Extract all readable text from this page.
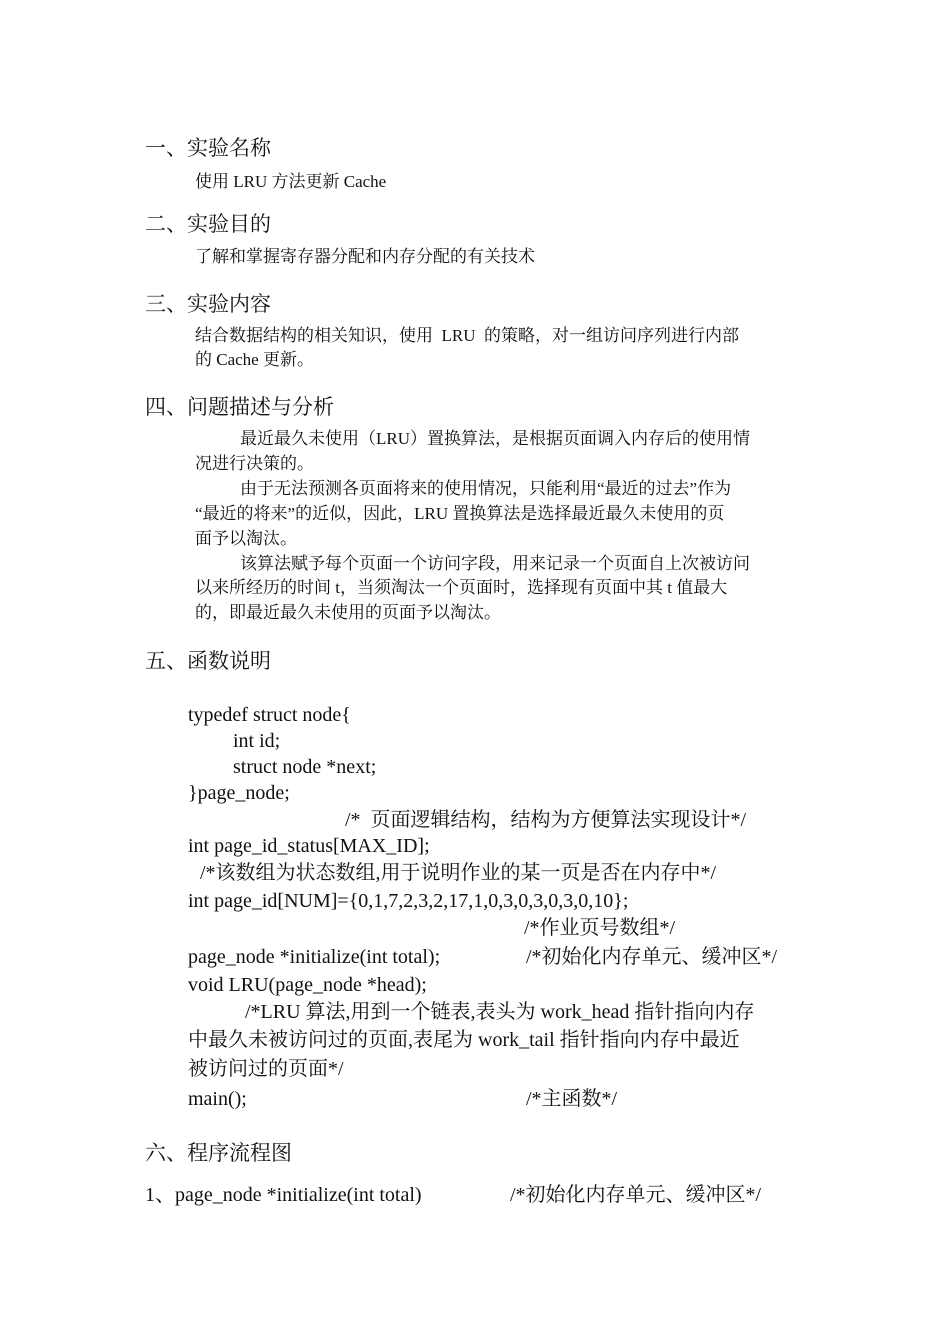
一、实验名称
使用 LRU 方法更新 Cache
二、实验目的
了解和掌握寄存器分配和内存分配的有关技术
三、实验内容
结合数据结构的相关知识，使用  LRU  的策略，对一组访问序列进行内部
的 Cache 更新。
四、问题描述与分析
最近最久未使用（LRU）置换算法，是根据页面调入内存后的使用情
况进行决策的。
由于无法预测各页面将来的使用情况，只能利用“最近的过去”作为
“最近的将来”的近似，因此，LRU 置换算法是选择最近最久未使用的页
面予以淘汰。
该算法赋予每个页面一个访问字段，用来记录一个页面自上次被访问
以来所经历的时间 t，当须淘汰一个页面时，选择现有页面中其 t 值最大
的，即最近最久未使用的页面予以淘汰。
五、函数说明
typedef struct node{
int id;
struct node *next;
}page_node;
/*  页面逻辑结构，结构为方便算法实现设计*/
int page_id_status[MAX_ID];
/*该数组为状态数组,用于说明作业的某一页是否在内存中*/
int page_id[NUM]={0,1,7,2,3,2,17,1,0,3,0,3,0,3,0,10};
/*作业页号数组*/
page_node *initialize(int total);	/*初始化内存单元、缓冲区*/
void LRU(page_node *head);
/*LRU 算法,用到一个链表,表头为 work_head 指针指向内存
中最久未被访问过的页面,表尾为 work_tail 指针指向内存中最近
被访问过的页面*/
main();	/*主函数*/
六、程序流程图
1、page_node *initialize(int total)	/*初始化内存单元、缓冲区*/
